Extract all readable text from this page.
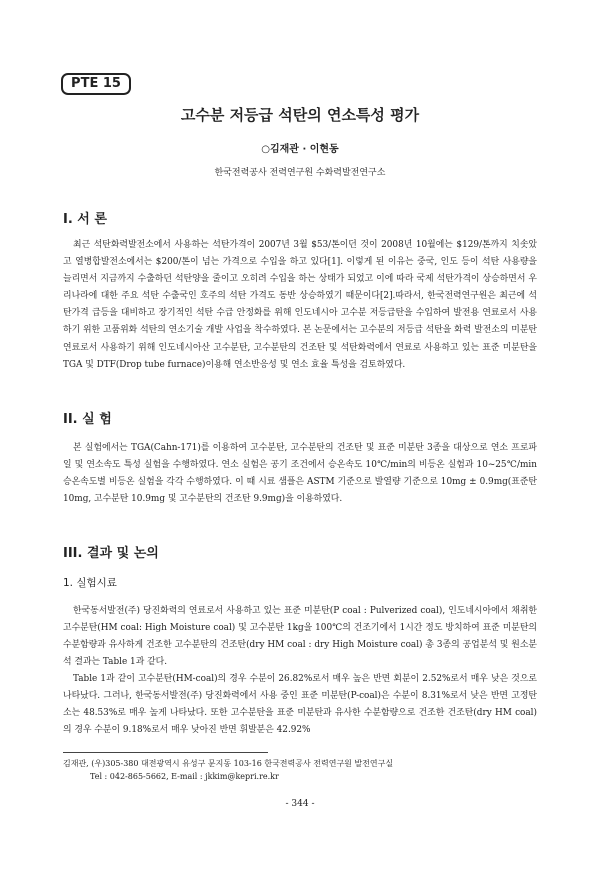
PTE 15
고수분 저등급 석탄의 연소특성 평가
○김재관 · 이현동
한국전력공사 전력연구원 수화력발전연구소
I. 서 론

최근 석탄화력발전소에서 사용하는 석탄가격이 2007년 3월 $53/톤이던 것이 2008년 10월에는 $129/톤까지 치솟았고 열병합발전소에서는 $200/톤이 넘는 가격으로 수입을 하고 있다[1]. 이렇게 된 이유는 중국, 인도 등이 석탄 사용량을 늘리면서 지금까지 수출하던 석탄양을 줄이고 오히려 수입을 하는 상태가 되었고 이에 따라 국제 석탄가격이 상승하면서 우리나라에 대한 주요 석탄 수출국인 호주의 석탄 가격도 동반 상승하였기 때문이다[2].따라서, 한국전력연구원은 최근에 석탄가격 급등을 대비하고 장기적인 석탄 수급 안정화를 위해 인도네시아 고수분 저등급탄을 수입하여 발전용 연료로서 사용하기 위한 고품위화 석탄의 연소기술 개발 사업을 착수하였다. 본 논문에서는 고수분의 저등급 석탄을 화력 발전소의 미분탄 연료로서 사용하기 위해 인도네시아산 고수분탄, 고수분탄의 건조탄 및 석탄화력에서 연료로 사용하고 있는 표준 미분탄을 TGA 및 DTF(Drop tube furnace)이용해 연소반응성 및 연소 효율 특성을 검토하였다.

II. 실 험

본 실험에서는 TGA(Cahn-171)를 이용하여 고수분탄, 고수분탄의 건조탄 및 표준 미분탄 3종을 대상으로 연소 프로파일 및 연소속도 특성 실험을 수행하였다. 연소 실험은 공기 조건에서 승온속도 10℃/min의 비등온 실험과 10~25℃/min 승온속도별 비등온 실험을 각각 수행하였다. 이 때 시료 샘플은 ASTM 기준으로 발열량 기준으로 10mg ± 0.9mg(표준탄 10mg, 고수분탄 10.9mg 및 고수분탄의 건조탄 9.9mg)을 이용하였다.

III. 결과 및 논의
1. 실험시료

한국동서발전(주) 당진화력의 연료로서 사용하고 있는 표준 미분탄(P coal : Pulverized coal), 인도네시아에서 채취한 고수분탄(HM coal: High Moisture coal) 및 고수분탄 1kg을 100℃의 건조기에서 1시간 정도 방치하여 표준 미분탄의 수분함량과 유사하게 건조한 고수분탄의 건조탄(dry HM coal : dry High Moisture coal) 총 3종의 공업분석 및 원소분석 결과는 Table 1과 같다.

Table 1과 같이 고수분탄(HM-coal)의 경우 수분이 26.82%로서 매우 높은 반면 회분이 2.52%로서 매우 낮은 것으로 나타났다. 그러나, 한국동서발전(주) 당진화력에서 사용 중인 표준 미분탄(P-coal)은 수분이 8.31%로서 낮은 반면 고정탄소는 48.53%로 매우 높게 나타났다. 또한 고수분탄을 표준 미분탄과 유사한 수분함량으로 건조한 건조탄(dry HM coal)의 경우 수분이 9.18%로서 매우 낮아진 반면 휘발분은 42.92%

김재관, (우)305-380 대전광역시 유성구 문지동 103-16 한국전력공사 전력연구원 발전연구실
Tel : 042-865-5662, E-mail : jkkim@kepri.re.kr
- 344 -
